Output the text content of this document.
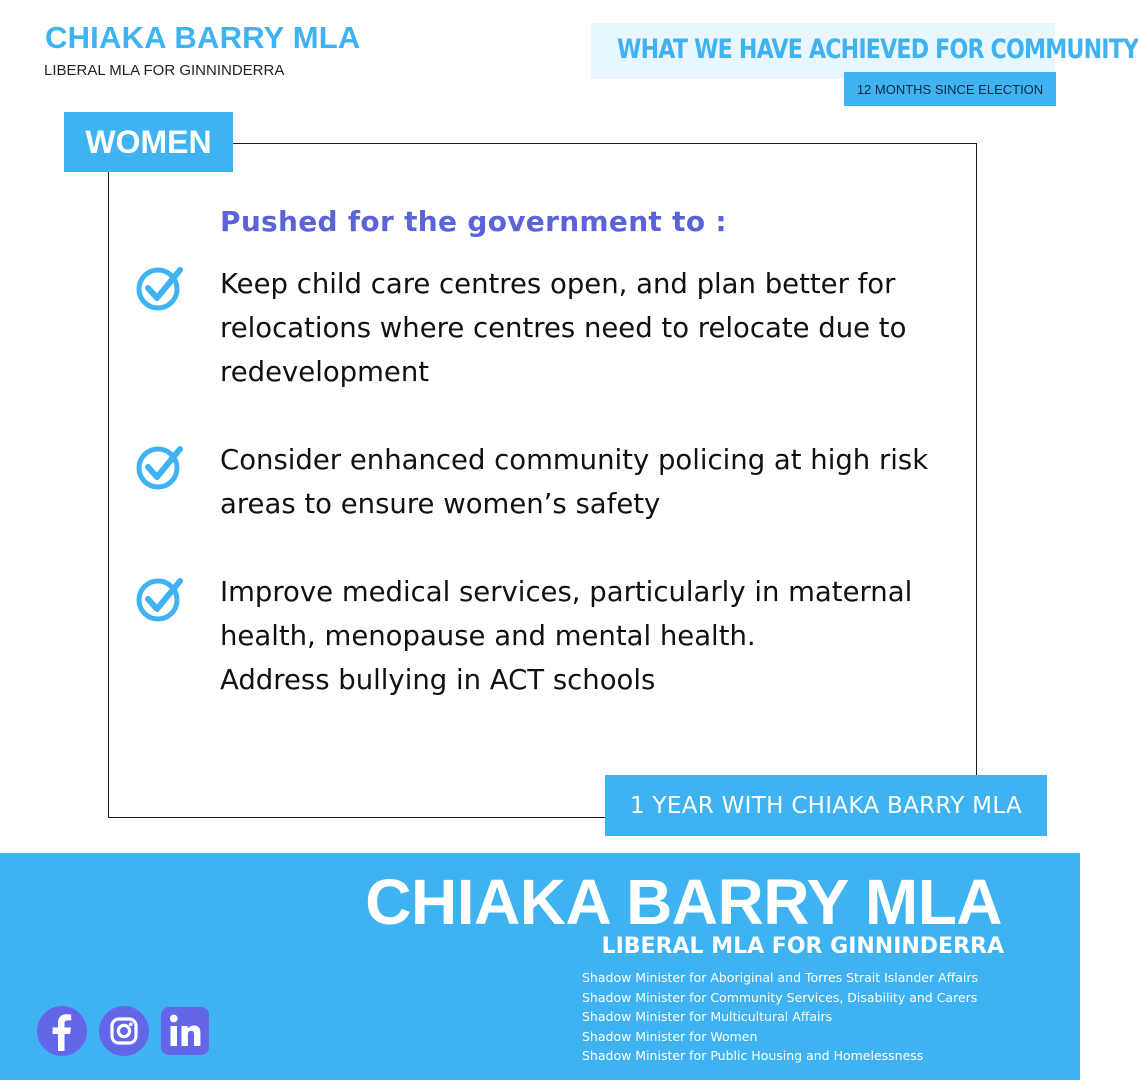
CHIAKA BARRY MLA
LIBERAL MLA FOR GINNINDERRA
WHAT WE HAVE ACHIEVED FOR COMMUNITY
12 MONTHS SINCE ELECTION
WOMEN
Pushed for the government to :
Keep child care centres open, and plan better for
relocations where centres need to relocate due to
redevelopment
Consider enhanced community policing at high risk
areas to ensure women’s safety
Improve medical services, particularly in maternal
health, menopause and mental health.
Address bullying in ACT schools
1 YEAR WITH CHIAKA BARRY MLA
CHIAKA BARRY MLA
LIBERAL MLA FOR GINNINDERRA
Shadow Minister for Aboriginal and Torres Strait Islander Affairs
Shadow Minister for Community Services, Disability and Carers
Shadow Minister for Multicultural Affairs
Shadow Minister for Women
Shadow Minister for Public Housing and Homelessness
